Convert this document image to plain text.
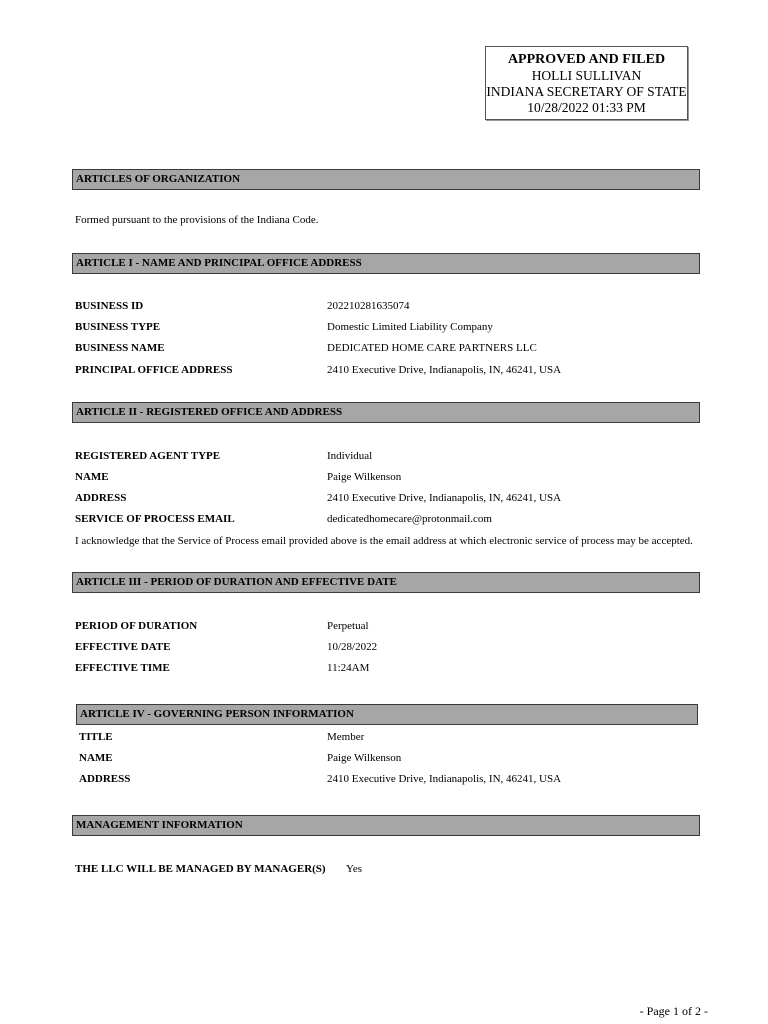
APPROVED AND FILED
HOLLI SULLIVAN
INDIANA SECRETARY OF STATE
10/28/2022 01:33 PM
ARTICLES OF ORGANIZATION
Formed pursuant to the provisions of the Indiana Code.
ARTICLE I - NAME AND PRINCIPAL OFFICE ADDRESS
BUSINESS ID	202210281635074
BUSINESS TYPE	Domestic Limited Liability Company
BUSINESS NAME	DEDICATED HOME CARE PARTNERS LLC
PRINCIPAL OFFICE ADDRESS	2410 Executive Drive, Indianapolis, IN, 46241, USA
ARTICLE II - REGISTERED OFFICE AND ADDRESS
REGISTERED AGENT TYPE	Individual
NAME	Paige Wilkenson
ADDRESS	2410 Executive Drive, Indianapolis, IN, 46241, USA
SERVICE OF PROCESS EMAIL	dedicatedhomecare@protonmail.com
I acknowledge that the Service of Process email provided above is the email address at which electronic service of process may be accepted.
ARTICLE III - PERIOD OF DURATION AND EFFECTIVE DATE
PERIOD OF DURATION	Perpetual
EFFECTIVE DATE	10/28/2022
EFFECTIVE TIME	11:24AM
ARTICLE IV - GOVERNING PERSON INFORMATION
TITLE	Member
NAME	Paige Wilkenson
ADDRESS	2410 Executive Drive, Indianapolis, IN, 46241, USA
MANAGEMENT INFORMATION
THE LLC WILL BE MANAGED BY MANAGER(S) Yes
- Page 1 of 2 -
